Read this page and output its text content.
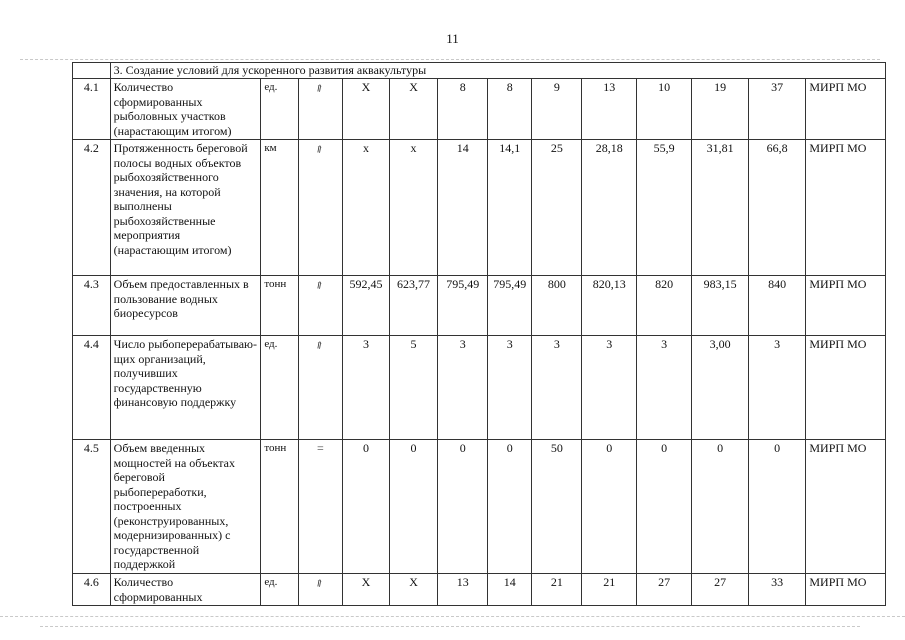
11
	3. Создание условий для ускоренного развития аквакультуры												
4.1	Количество сформированных рыболовных участков (нарастающим итогом)	ед.	⇗	X	X	8	8	9	13	10	19	37	МИРП МО
4.2	Протяженность береговой полосы водных объектов рыбохозяйственного значения, на которой выполнены рыбохозяйственные мероприятия (нарастающим итогом)	км	⇗	x	x	14	14,1	25	28,18	55,9	31,81	66,8	МИРП МО
4.3	Объем предоставленных в пользование водных биоресурсов	тонн	⇗	592,45	623,77	795,49	795,49	800	820,13	820	983,15	840	МИРП МО
4.4	Число рыбоперерабатываю-щих организаций, получивших государственную финансовую поддержку	ед.	⇗	3	5	3	3	3	3	3	3,00	3	МИРП МО
4.5	Объем введенных мощностей на объектах береговой рыбопереработки, построенных (реконструированных, модернизированных) с государственной поддержкой	тонн	=	0	0	0	0	50	0	0	0	0	МИРП МО
4.6	Количество сформированных	ед.	⇗	X	X	13	14	21	21	27	27	33	МИРП МО
